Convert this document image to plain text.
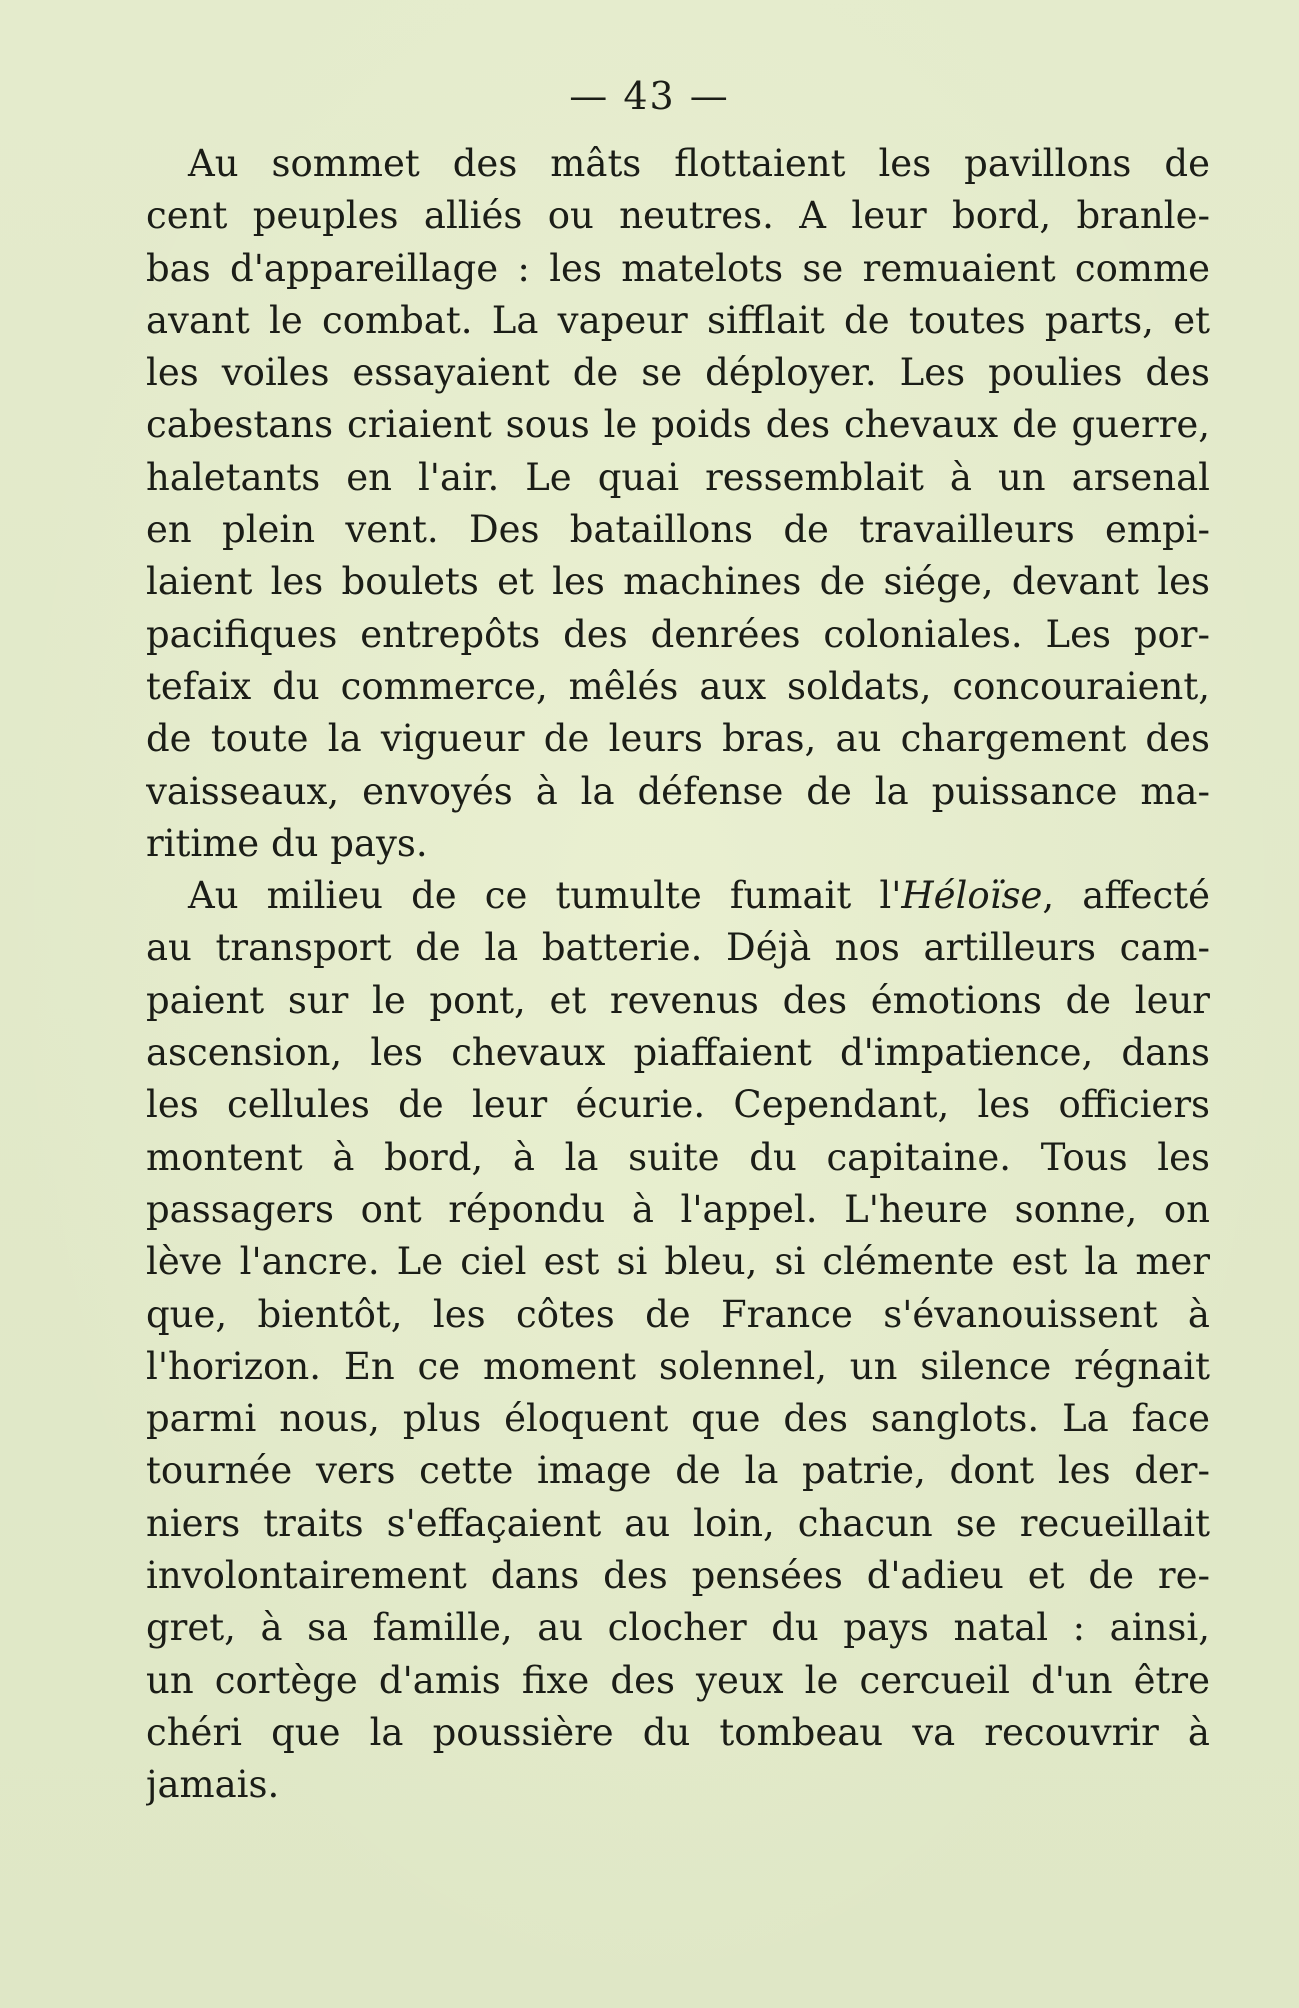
— 43 —
Au sommet des mâts flottaient les pavillons de
cent peuples alliés ou neutres. A leur bord, branle-
bas d'appareillage : les matelots se remuaient comme
avant le combat. La vapeur sifflait de toutes parts, et
les voiles essayaient de se déployer. Les poulies des
cabestans criaient sous le poids des chevaux de guerre,
haletants en l'air. Le quai ressemblait à un arsenal
en plein vent. Des bataillons de travailleurs empi-
laient les boulets et les machines de siége, devant les
pacifiques entrepôts des denrées coloniales. Les por-
tefaix du commerce, mêlés aux soldats, concouraient,
de toute la vigueur de leurs bras, au chargement des
vaisseaux, envoyés à la défense de la puissance ma-
ritime du pays.
Au milieu de ce tumulte fumait l'Héloïse, affecté
au transport de la batterie. Déjà nos artilleurs cam-
paient sur le pont, et revenus des émotions de leur
ascension, les chevaux piaffaient d'impatience, dans
les cellules de leur écurie. Cependant, les officiers
montent à bord, à la suite du capitaine. Tous les
passagers ont répondu à l'appel. L'heure sonne, on
lève l'ancre. Le ciel est si bleu, si clémente est la mer
que, bientôt, les côtes de France s'évanouissent à
l'horizon. En ce moment solennel, un silence régnait
parmi nous, plus éloquent que des sanglots. La face
tournée vers cette image de la patrie, dont les der-
niers traits s'effaçaient au loin, chacun se recueillait
involontairement dans des pensées d'adieu et de re-
gret, à sa famille, au clocher du pays natal : ainsi,
un cortège d'amis fixe des yeux le cercueil d'un être
chéri que la poussière du tombeau va recouvrir à
jamais.
